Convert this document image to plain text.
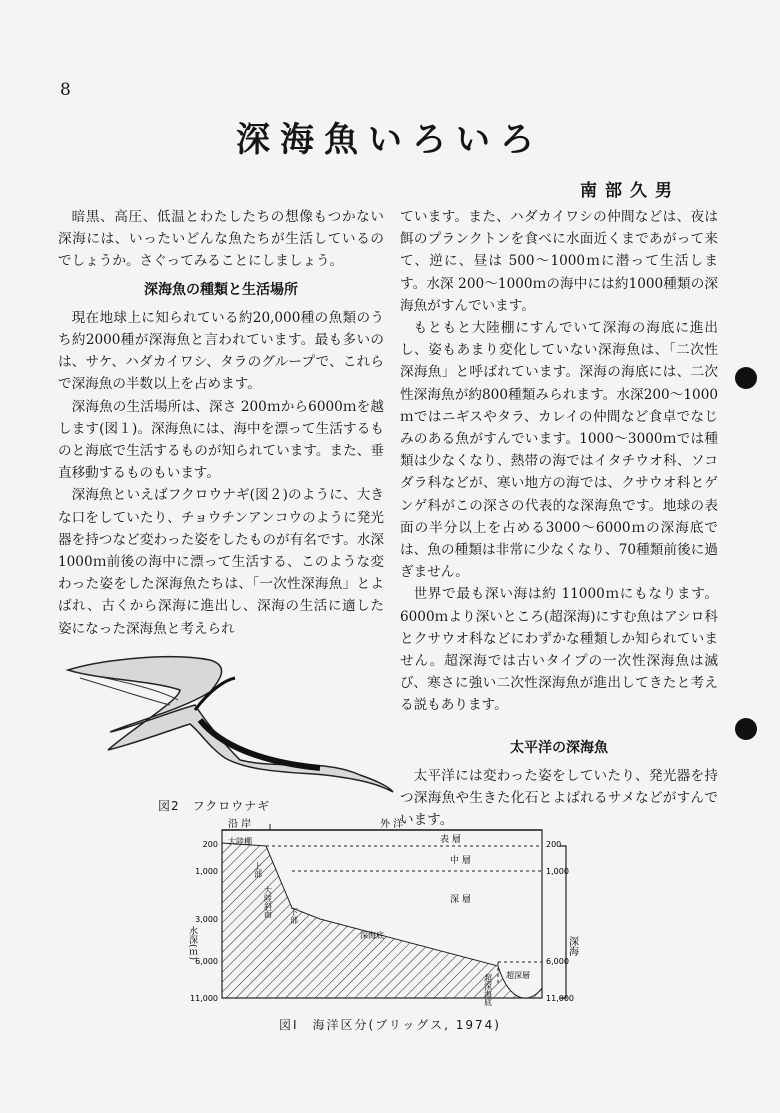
8
深海魚いろいろ
南部久男

暗黒、高圧、低温とわたしたちの想像もつかない深海には、いったいどんな魚たちが生活しているのでしょうか。さぐってみることにしましょう。

深海魚の種類と生活場所

現在地球上に知られている約20,000種の魚類のうち約2000種が深海魚と言われています。最も多いのは、サケ、ハダカイワシ、タラのグループで、これらで深海魚の半数以上を占めます。

深海魚の生活場所は、深さ 200ｍから6000ｍを越します(図１)。深海魚には、海中を漂って生活するものと海底で生活するものが知られています。また、垂直移動するものもいます。

深海魚といえばフクロウナギ(図２)のように、大きな口をしていたり、チョウチンアンコウのように発光器を持つなど変わった姿をしたものが有名です。水深1000ｍ前後の海中に漂って生活する、このような変わった姿をした深海魚たちは、「一次性深海魚」とよばれ、古くから深海に進出し、深海の生活に適した姿になった深海魚と考えられ

ています。また、ハダカイワシの仲間などは、夜は餌のプランクトンを食べに水面近くまであがって来て、逆に、昼は 500～1000ｍに潜って生活します。水深 200～1000ｍの海中には約1000種類の深海魚がすんでいます。

もともと大陸棚にすんでいて深海の海底に進出し、姿もあまり変化していない深海魚は、「二次性深海魚」と呼ばれています。深海の海底には、二次性深海魚が約800種類みられます。水深200～1000ｍではニギスやタラ、カレイの仲間など食卓でなじみのある魚がすんでいます。1000～3000ｍでは種類は少なくなり、熱帯の海ではイタチウオ科、ソコダラ科などが、寒い地方の海では、クサウオ科とゲンゲ科がこの深さの代表的な深海魚です。地球の表面の半分以上を占める3000～6000ｍの深海底では、魚の種類は非常に少なくなり、70種類前後に過ぎません。

世界で最も深い海は約 11000ｍにもなります。6000ｍより深いところ(超深海)にすむ魚はアシロ科とクサウオ科などにわずかな種類しか知られていません。超深海では古いタイプの一次性深海魚は滅び、寒さに強い二次性深海魚が進出してきたと考える説もあります。

太平洋の深海魚

太平洋には変わった姿をしていたり、発光器を持つ深海魚や生きた化石とよばれるサメなどがすんでいます。

図2　フクロウナギ
沿 岸	外 洋
200
1,000
3,000
6,000
11,000
200
1,000
6,000
11,000
水深(ｍ)	深海
表 層
中 層
深 層
超深層
大陸棚
上部
大陸斜面 下部
深海底
超深海底
図Ⅰ　海洋区分(ブリッグス, 1974)
